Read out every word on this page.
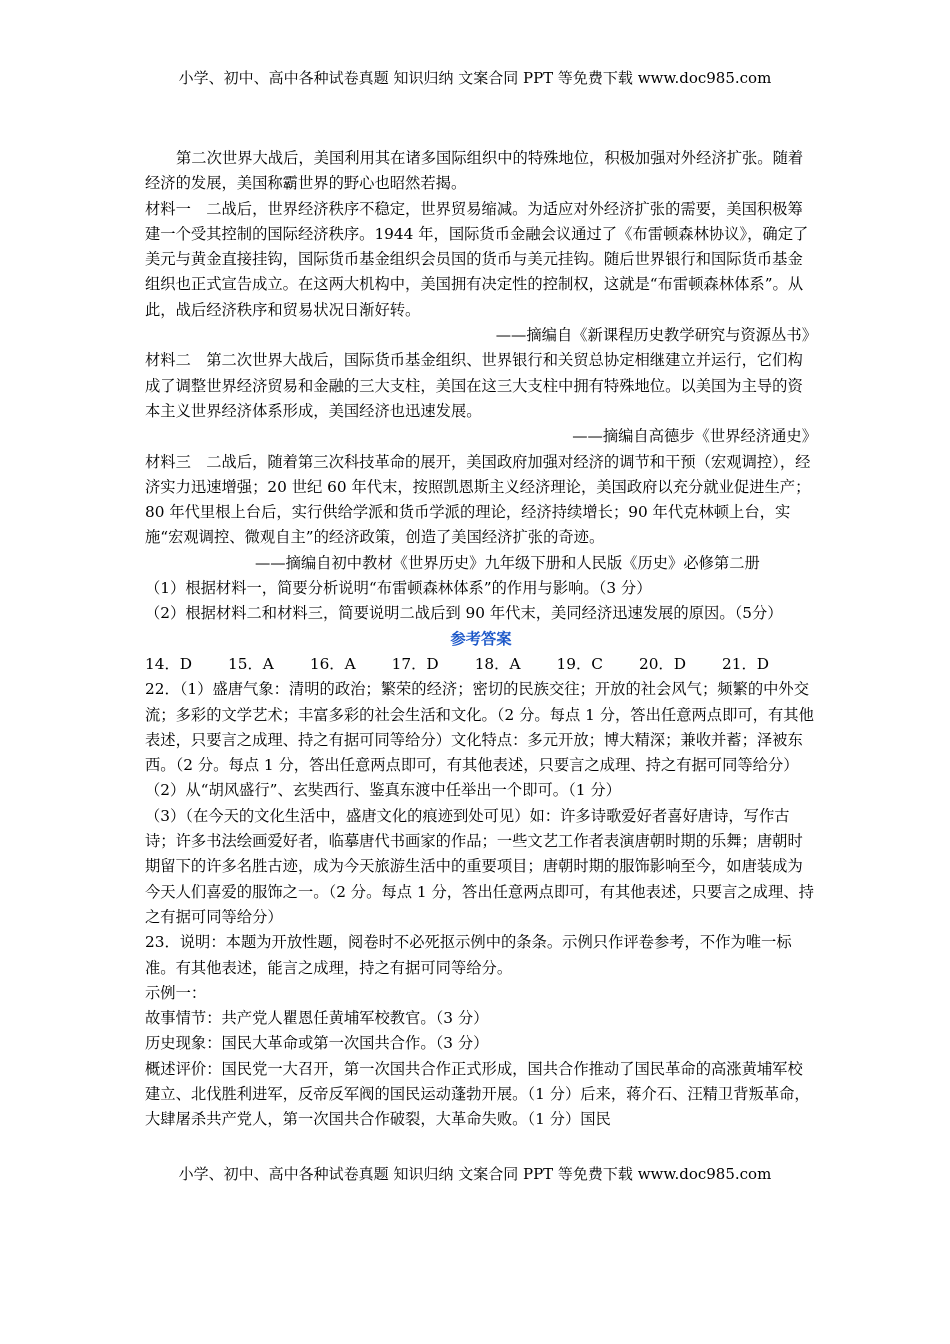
小学、初中、高中各种试卷真题 知识归纳 文案合同 PPT 等免费下载 www.doc985.com

第二次世界大战后，美国利用其在诸多国际组织中的特殊地位，积极加强对外经济扩张。随着经济的发展，美国称霸世界的野心也昭然若揭。

材料一　二战后，世界经济秩序不稳定，世界贸易缩减。为适应对外经济扩张的需要，美国积极筹建一个受其控制的国际经济秩序。1944 年，国际货币金融会议通过了《布雷顿森林协议》，确定了美元与黄金直接挂钩，国际货币基金组织会员国的货币与美元挂钩。随后世界银行和国际货币基金组织也正式宣告成立。在这两大机构中，美国拥有决定性的控制权，这就是“布雷顿森林体系”。从此，战后经济秩序和贸易状况日渐好转。

——摘编自《新课程历史教学研究与资源丛书》

材料二　第二次世界大战后，国际货币基金组织、世界银行和关贸总协定相继建立并运行，它们构成了调整世界经济贸易和金融的三大支柱，美国在这三大支柱中拥有特殊地位。以美国为主导的资本主义世界经济体系形成，美国经济也迅速发展。

——摘编自高德步《世界经济通史》

材料三　二战后，随着第三次科技革命的展开，美国政府加强对经济的调节和干预（宏观调控），经济实力迅速增强；20 世纪 60 年代末，按照凯恩斯主义经济理论，美国政府以充分就业促进生产；80 年代里根上台后，实行供给学派和货币学派的理论，经济持续增长；90 年代克林顿上台，实施“宏观调控、微观自主”的经济政策，创造了美国经济扩张的奇迹。

——摘编自初中教材《世界历史》九年级下册和人民版《历史》必修第二册

（1）根据材料一，简要分析说明“布雷顿森林体系”的作用与影响。（3 分）

（2）根据材料二和材料三，简要说明二战后到 90 年代末，美同经济迅速发展的原因。（5分）

参考答案

14．D 15．A 16．A 17．D 18．A 19．C 20．D 21．D

22．（1）盛唐气象：清明的政治；繁荣的经济；密切的民族交往；开放的社会风气；频繁的中外交流；多彩的文学艺术；丰富多彩的社会生活和文化。（2 分。每点 1 分，答出任意两点即可，有其他表述，只要言之成理、持之有据可同等给分）文化特点：多元开放；博大精深；兼收并蓄；泽被东西。（2 分。每点 1 分，答出任意两点即可，有其他表述，只要言之成理、持之有据可同等给分）

（2）从“胡风盛行”、玄奘西行、鉴真东渡中任举出一个即可。（1 分）

（3）（在今天的文化生活中，盛唐文化的痕迹到处可见）如：许多诗歌爱好者喜好唐诗，写作古诗；许多书法绘画爱好者，临摹唐代书画家的作品；一些文艺工作者表演唐朝时期的乐舞；唐朝时期留下的许多名胜古迹，成为今天旅游生活中的重要项目；唐朝时期的服饰影响至今，如唐装成为今天人们喜爱的服饰之一。（2 分。每点 1 分，答出任意两点即可，有其他表述，只要言之成理、持之有据可同等给分）

23．说明：本题为开放性题，阅卷时不必死抠示例中的条条。示例只作评卷参考，不作为唯一标准。有其他表述，能言之成理，持之有据可同等给分。

示例一：

故事情节：共产党人瞿恩任黄埔军校教官。（3 分）

历史现象：国民大革命或第一次国共合作。（3 分）

概述评价：国民党一大召开，第一次国共合作正式形成，国共合作推动了国民革命的高涨黄埔军校建立、北伐胜利进军，反帝反军阀的国民运动蓬勃开展。（1 分）后来，蒋介石、汪精卫背叛革命，大肆屠杀共产党人，第一次国共合作破裂，大革命失败。（1 分）国民

小学、初中、高中各种试卷真题 知识归纳 文案合同 PPT 等免费下载 www.doc985.com
